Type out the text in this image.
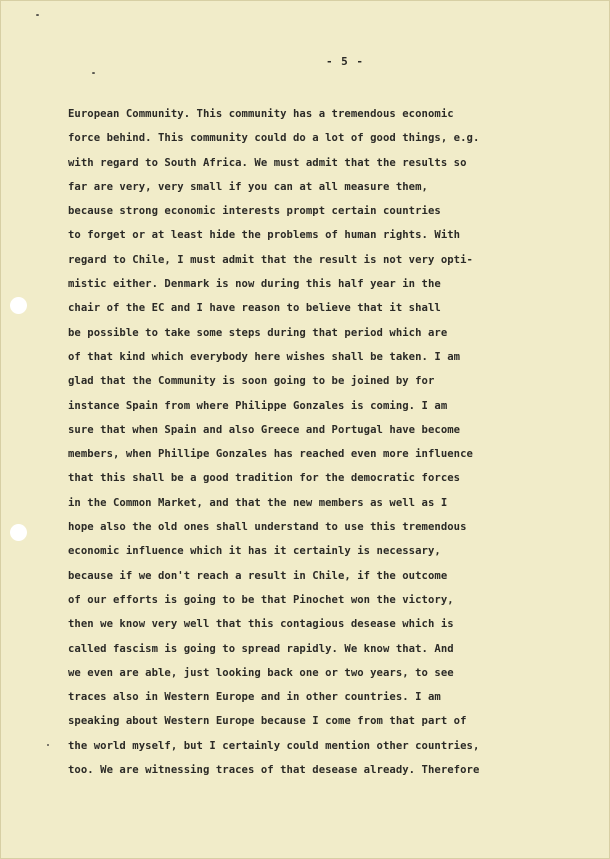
- 5 -
European Community. This community has a tremendous economic
force behind. This community could do a lot of good things, e.g.
with regard to South Africa. We must admit that the results so
far are very, very small if you can at all measure them,
because strong economic interests prompt certain countries
to forget or at least hide the problems of human rights. With
regard to Chile, I must admit that the result is not very opti-
mistic either. Denmark is now during this half year in the
chair of the EC and I have reason to believe that it shall
be possible to take some steps during that period which are
of that kind which everybody here wishes shall be taken. I am
glad that the Community is soon going to be joined by for
instance Spain from where Philippe Gonzales is coming. I am
sure that when Spain and also Greece and Portugal have become
members, when Phillipe Gonzales has reached even more influence
that this shall be a good tradition for the democratic forces
in the Common Market, and that the new members as well as I
hope also the old ones shall understand to use this tremendous
economic influence which it has it certainly is necessary,
because if we don't reach a result in Chile, if the outcome
of our efforts is going to be that Pinochet won the victory,
then we know very well that this contagious desease which is
called fascism is going to spread rapidly. We know that. And
we even are able, just looking back one or two years, to see
traces also in Western Europe and in other countries. I am
speaking about Western Europe because I come from that part of
the world myself, but I certainly could mention other countries,
too. We are witnessing traces of that desease already. Therefore
